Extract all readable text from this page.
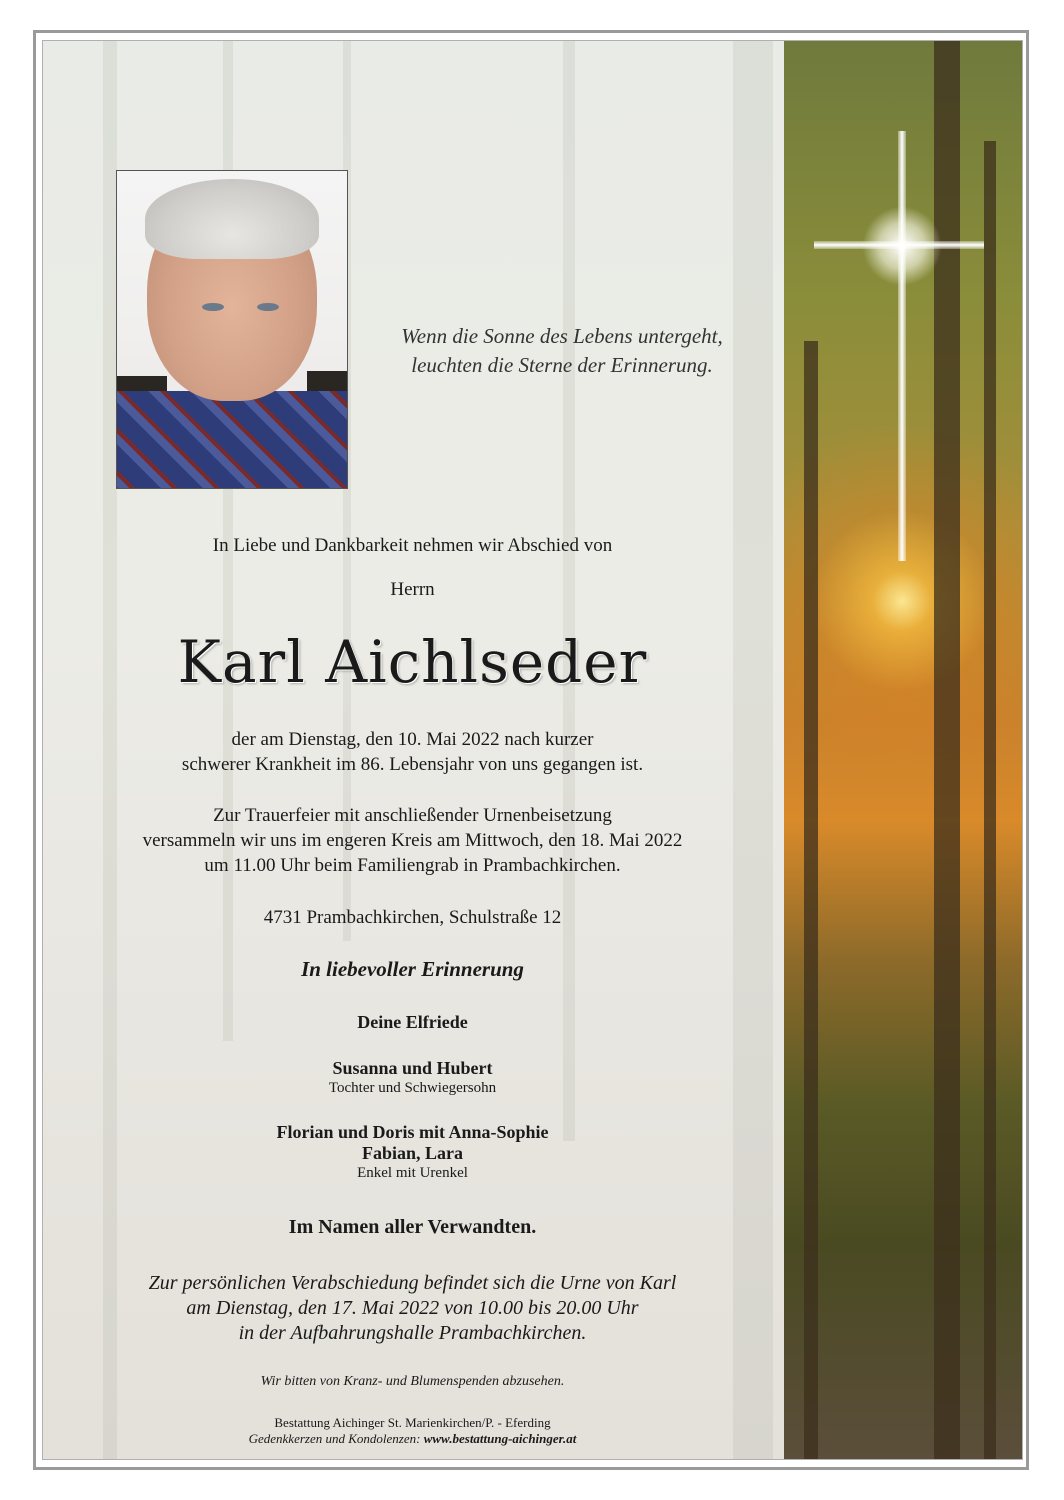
Wenn die Sonne des Lebens untergeht,
leuchten die Sterne der Erinnerung.
In Liebe und Dankbarkeit nehmen wir Abschied von
Herrn
Karl Aichlseder
der am Dienstag, den 10. Mai 2022 nach kurzer
schwerer Krankheit im 86. Lebensjahr von uns gegangen ist.
Zur Trauerfeier mit anschließender Urnenbeisetzung
versammeln wir uns im engeren Kreis am Mittwoch, den 18. Mai 2022
um 11.00 Uhr beim Familiengrab in Prambachkirchen.
4731 Prambachkirchen, Schulstraße 12
In liebevoller Erinnerung
Deine Elfriede
Susanna und Hubert
Tochter und Schwiegersohn
Florian und Doris mit Anna-Sophie
Fabian, Lara
Enkel mit Urenkel
Im Namen aller Verwandten.
Zur persönlichen Verabschiedung befindet sich die Urne von Karl
am Dienstag, den 17. Mai 2022 von 10.00 bis 20.00 Uhr
in der Aufbahrungshalle Prambachkirchen.
Wir bitten von Kranz- und Blumenspenden abzusehen.
Bestattung Aichinger St. Marienkirchen/P. - Eferding
Gedenkkerzen und Kondolenzen: www.bestattung-aichinger.at
